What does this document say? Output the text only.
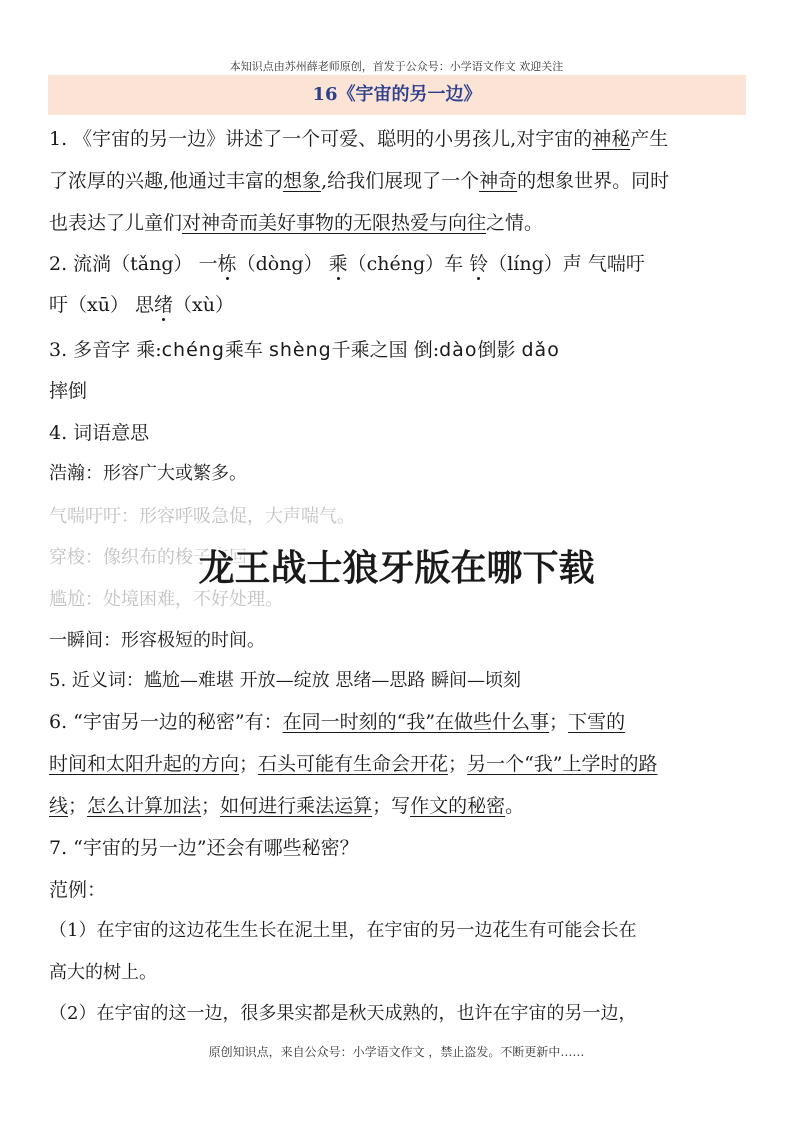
本知识点由苏州薛老师原创，首发于公众号：小学语文作文 欢迎关注
16《宇宙的另一边》
1. 《宇宙的另一边》讲述了一个可爱、聪明的小男孩儿,对宇宙的神秘产生
了浓厚的兴趣,他通过丰富的想象,给我们展现了一个神奇的想象世界。同时
也表达了儿童们对神奇而美好事物的无限热爱与向往之情。
2. 流淌（tǎng） 一栋（dòng） 乘（chéng）车 铃（líng）声 气喘吁
吁（xū） 思绪（xù）
3. 多音字 乘:chéng乘车 shèng千乘之国 倒:dào倒影 dǎo
摔倒
4. 词语意思
浩瀚：形容广大或繁多。
气喘吁吁：形容呼吸急促，大声喘气。
穿梭：像织布的梭子来回
尴尬：处境困难，不好处理。
一瞬间：形容极短的时间。
5. 近义词：尴尬—难堪 开放—绽放 思绪—思路 瞬间—顷刻
6. “宇宙另一边的秘密”有：在同一时刻的“我”在做些什么事；下雪的
时间和太阳升起的方向；石头可能有生命会开花；另一个“我”上学时的路
线；怎么计算加法；如何进行乘法运算；写作文的秘密。
7. “宇宙的另一边”还会有哪些秘密？
范例：
（1）在宇宙的这边花生生长在泥土里，在宇宙的另一边花生有可能会长在
高大的树上。
（2）在宇宙的这一边，很多果实都是秋天成熟的，也许在宇宙的另一边，
龙王战士狼牙版在哪下载
原创知识点，来自公众号：小学语文作文 ，禁止盗发。不断更新中……
